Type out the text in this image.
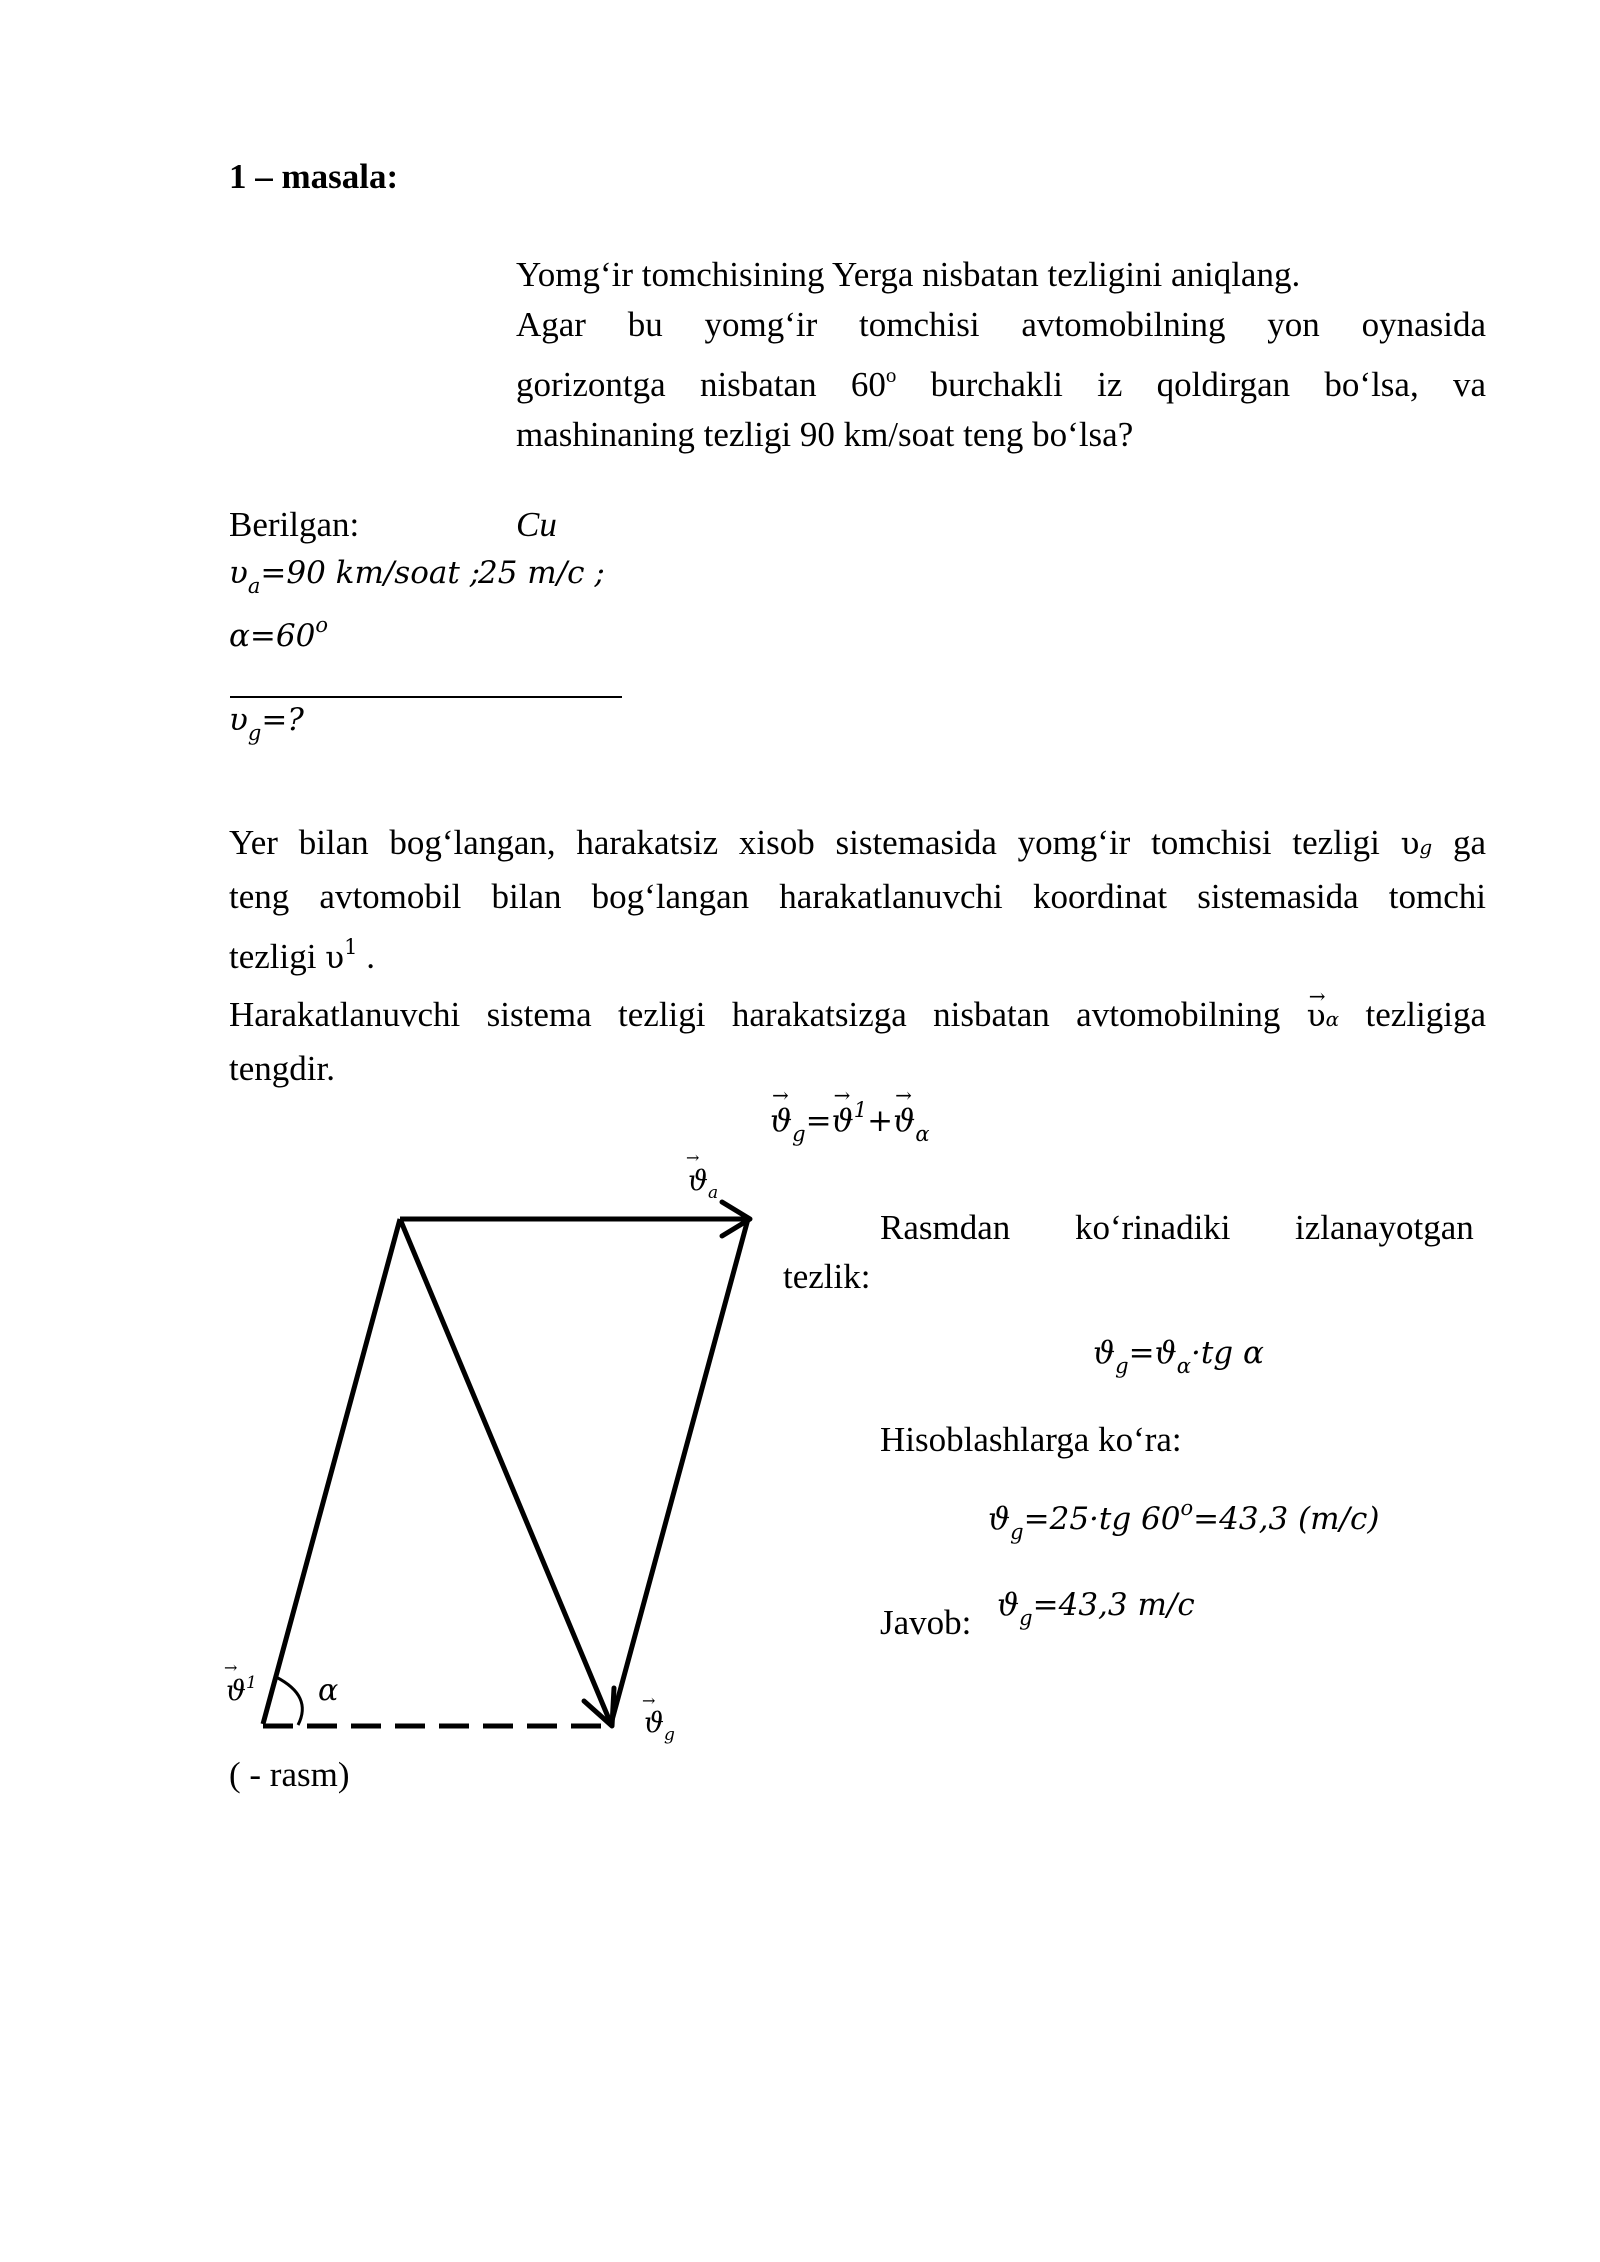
1 – masala:
Yomg‘ir tomchisining Yerga nisbatan tezligini aniqlang.
Agar bu yomg‘ir tomchisi avtomobilning yon oynasida
gorizontga nisbatan 60$^o$ burchakli iz qoldirgan bo‘lsa, va
mashinaning tezligi 90 km/soat teng bo‘lsa?
Berilgan:	Cu
$\upsilon_a=90$ km/soat ;
25 m/c ;
$\alpha=60^o$
$\upsilon_g=$?
Yer bilan bog‘langan, harakatsiz xisob sistemasida yomg‘ir tomchisi tezligi υg ga
teng avtomobil bilan bog‘langan harakatlanuvchi koordinat sistemasida tomchi
tezligi $\upsilon^1$ .
Harakatlanuvchi sistema tezligi harakatsizga nisbatan avtomobilning → υα tezligiga
tengdir.
→ $ϑ_g=\to ϑ^1+\to ϑ_\alpha$
Rasmdan ko‘rinadiki izlanayotgan
tezlik:
$ϑ_g=ϑ_\alpha\cdot tg$ α
Hisoblashlarga ko‘ra:
$ϑ_g=25\cdot tg$ $60^o=43,3$ (m/c)
Javob: $ϑ_g=43,3$ m/c
$ϑ_a$
→
$ϑ^1$
→
α
$ϑ_g$
→
( - rasm)
